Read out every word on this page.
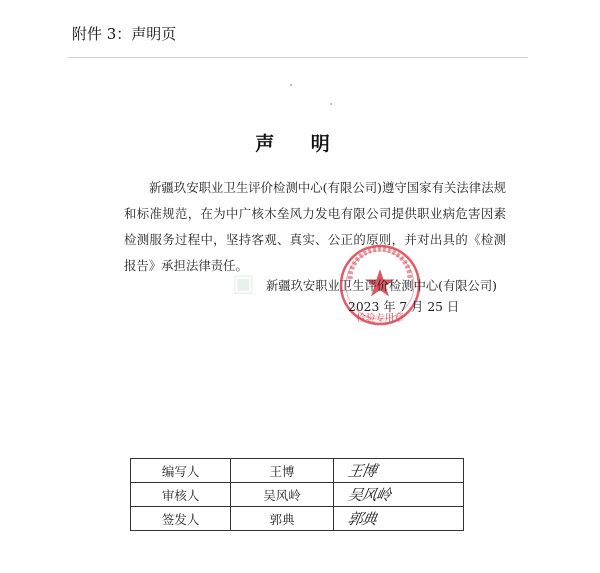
附件 3：声明页
声 明
新疆玖安职业卫生评价检测中心(有限公司)遵守国家有关法律法规和标准规范，在为中广核木垒风力发电有限公司提供职业病危害因素检测服务过程中，坚持客观、真实、公正的原则，并对出具的《检测报告》承担法律责任。
▣
检验专用章
新疆玖安职业卫生评价检测中心(有限公司)
2023 年 7 月 25 日
编写人	王博	王博
审核人	吴风岭	吴风岭
签发人	郭典	郭典
